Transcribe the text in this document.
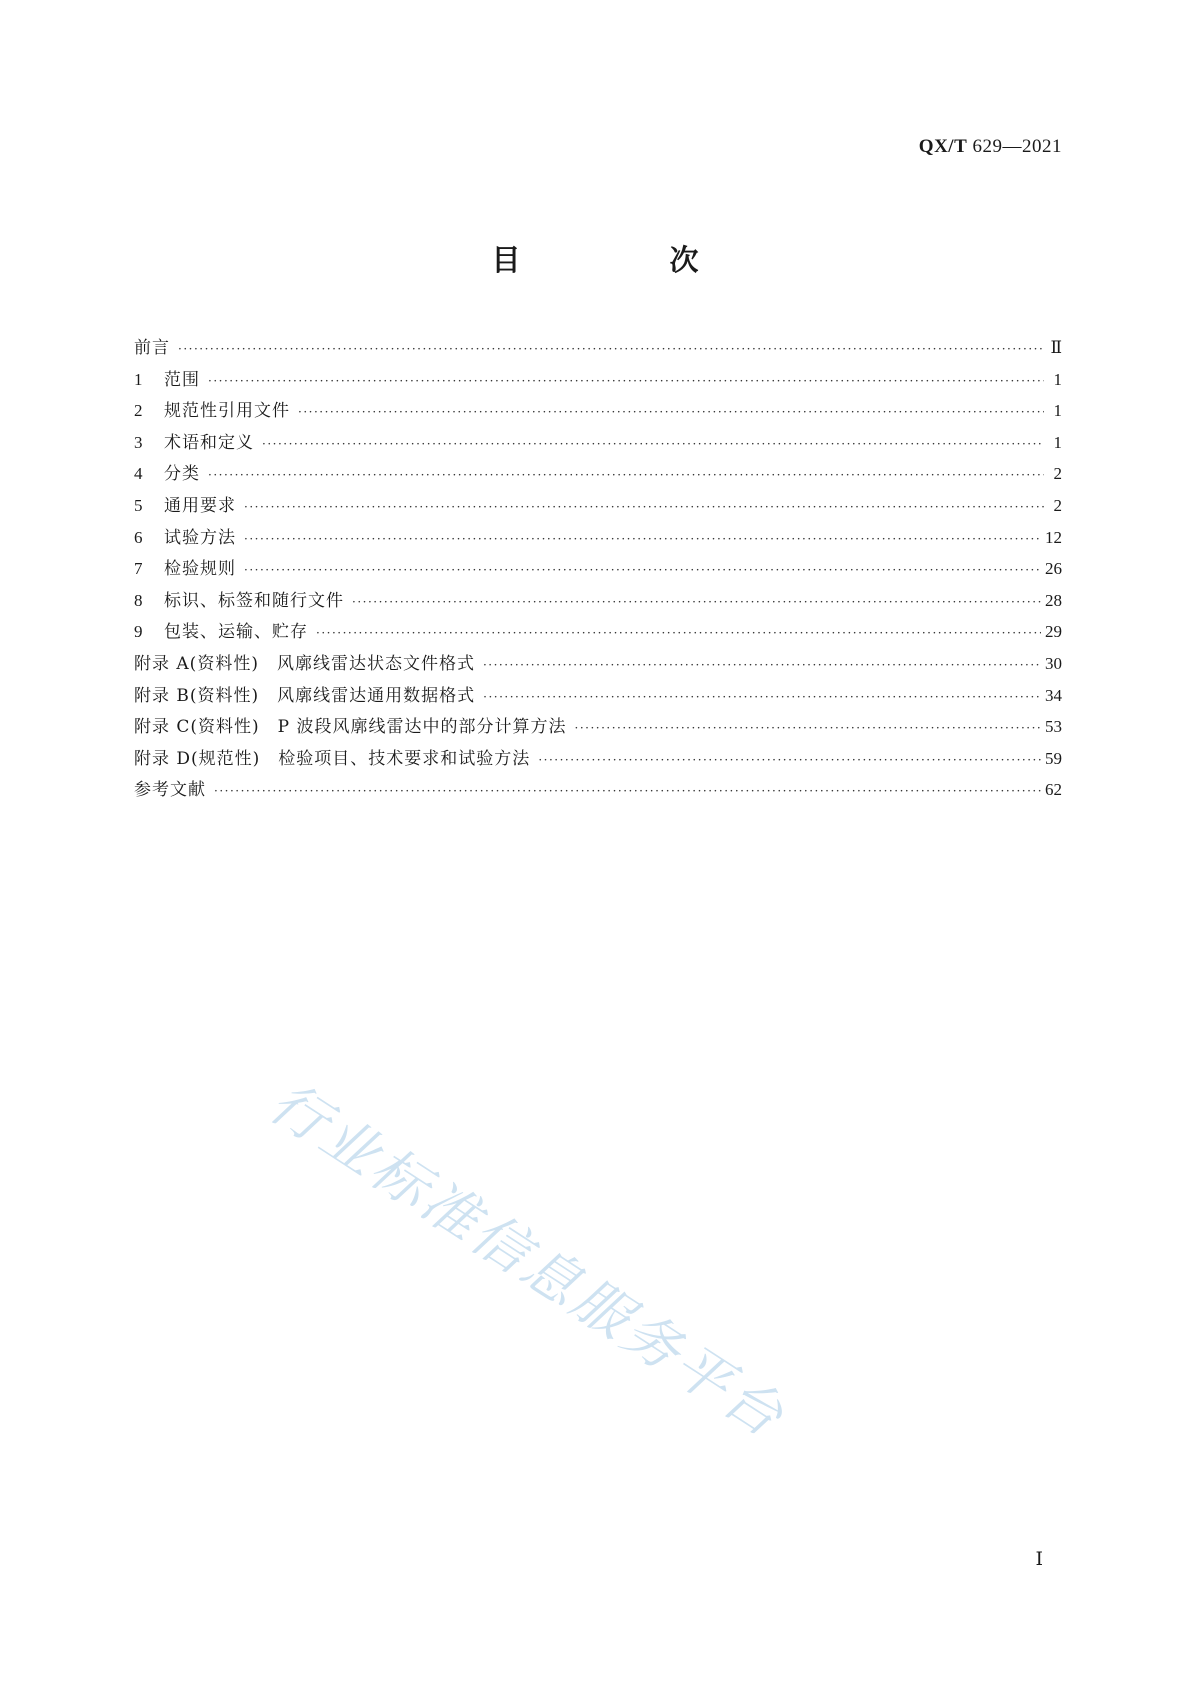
QX/T 629—2021
目　次
前言 ·····	Ⅱ
1	范围 ·····	1
2	规范性引用文件 ·····	1
3	术语和定义 ·····	1
4	分类 ·····	2
5	通用要求 ·····	2
6	试验方法 ·····	12
7	检验规则 ·····	26
8	标识、标签和随行文件 ·····	28
9	包装、运输、贮存 ·····	29
附录 A(资料性)　风廓线雷达状态文件格式 ·····	30
附录 B(资料性)　风廓线雷达通用数据格式 ·····	34
附录 C(资料性)　P 波段风廓线雷达中的部分计算方法 ·····	53
附录 D(规范性)　检验项目、技术要求和试验方法 ·····	59
参考文献 ·····	62
行业标准信息服务平台
Ⅰ
